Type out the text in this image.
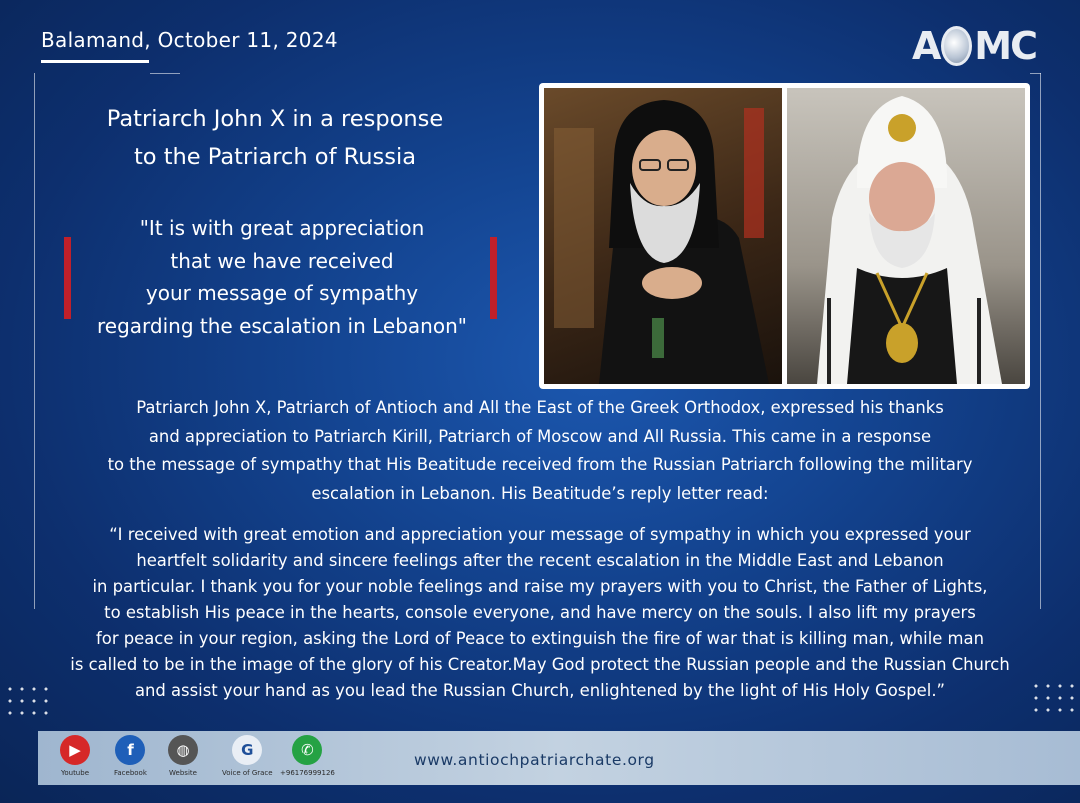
Balamand, October 11, 2024	A MC
Patriarch John X in a response
to the Patriarch of Russia
"It is with great appreciation
that we have received
your message of sympathy
regarding the escalation in Lebanon"
Patriarch John X, Patriarch of Antioch and All the East of the Greek Orthodox, expressed his thanks
and appreciation to Patriarch Kirill, Patriarch of Moscow and All Russia. This came in a response
to the message of sympathy that His Beatitude received from the Russian Patriarch following the military
escalation in Lebanon. His Beatitude’s reply letter read:
“I received with great emotion and appreciation your message of sympathy in which you expressed your
heartfelt solidarity and sincere feelings after the recent escalation in the Middle East and Lebanon
in particular. I thank you for your noble feelings and raise my prayers with you to Christ, the Father of Lights,
to establish His peace in the hearts, console everyone, and have mercy on the souls. I also lift my prayers
for peace in your region, asking the Lord of Peace to extinguish the fire of war that is killing man, while man
is called to be in the image of the glory of his Creator.May God protect the Russian people and the Russian Church
and assist your hand as you lead the Russian Church, enlightened by the light of His Holy Gospel.”
▶
Youtube
f
Facebook
◍
Website
G
Voice of Grace
✆
+96176999126
www.antiochpatriarchate.org
